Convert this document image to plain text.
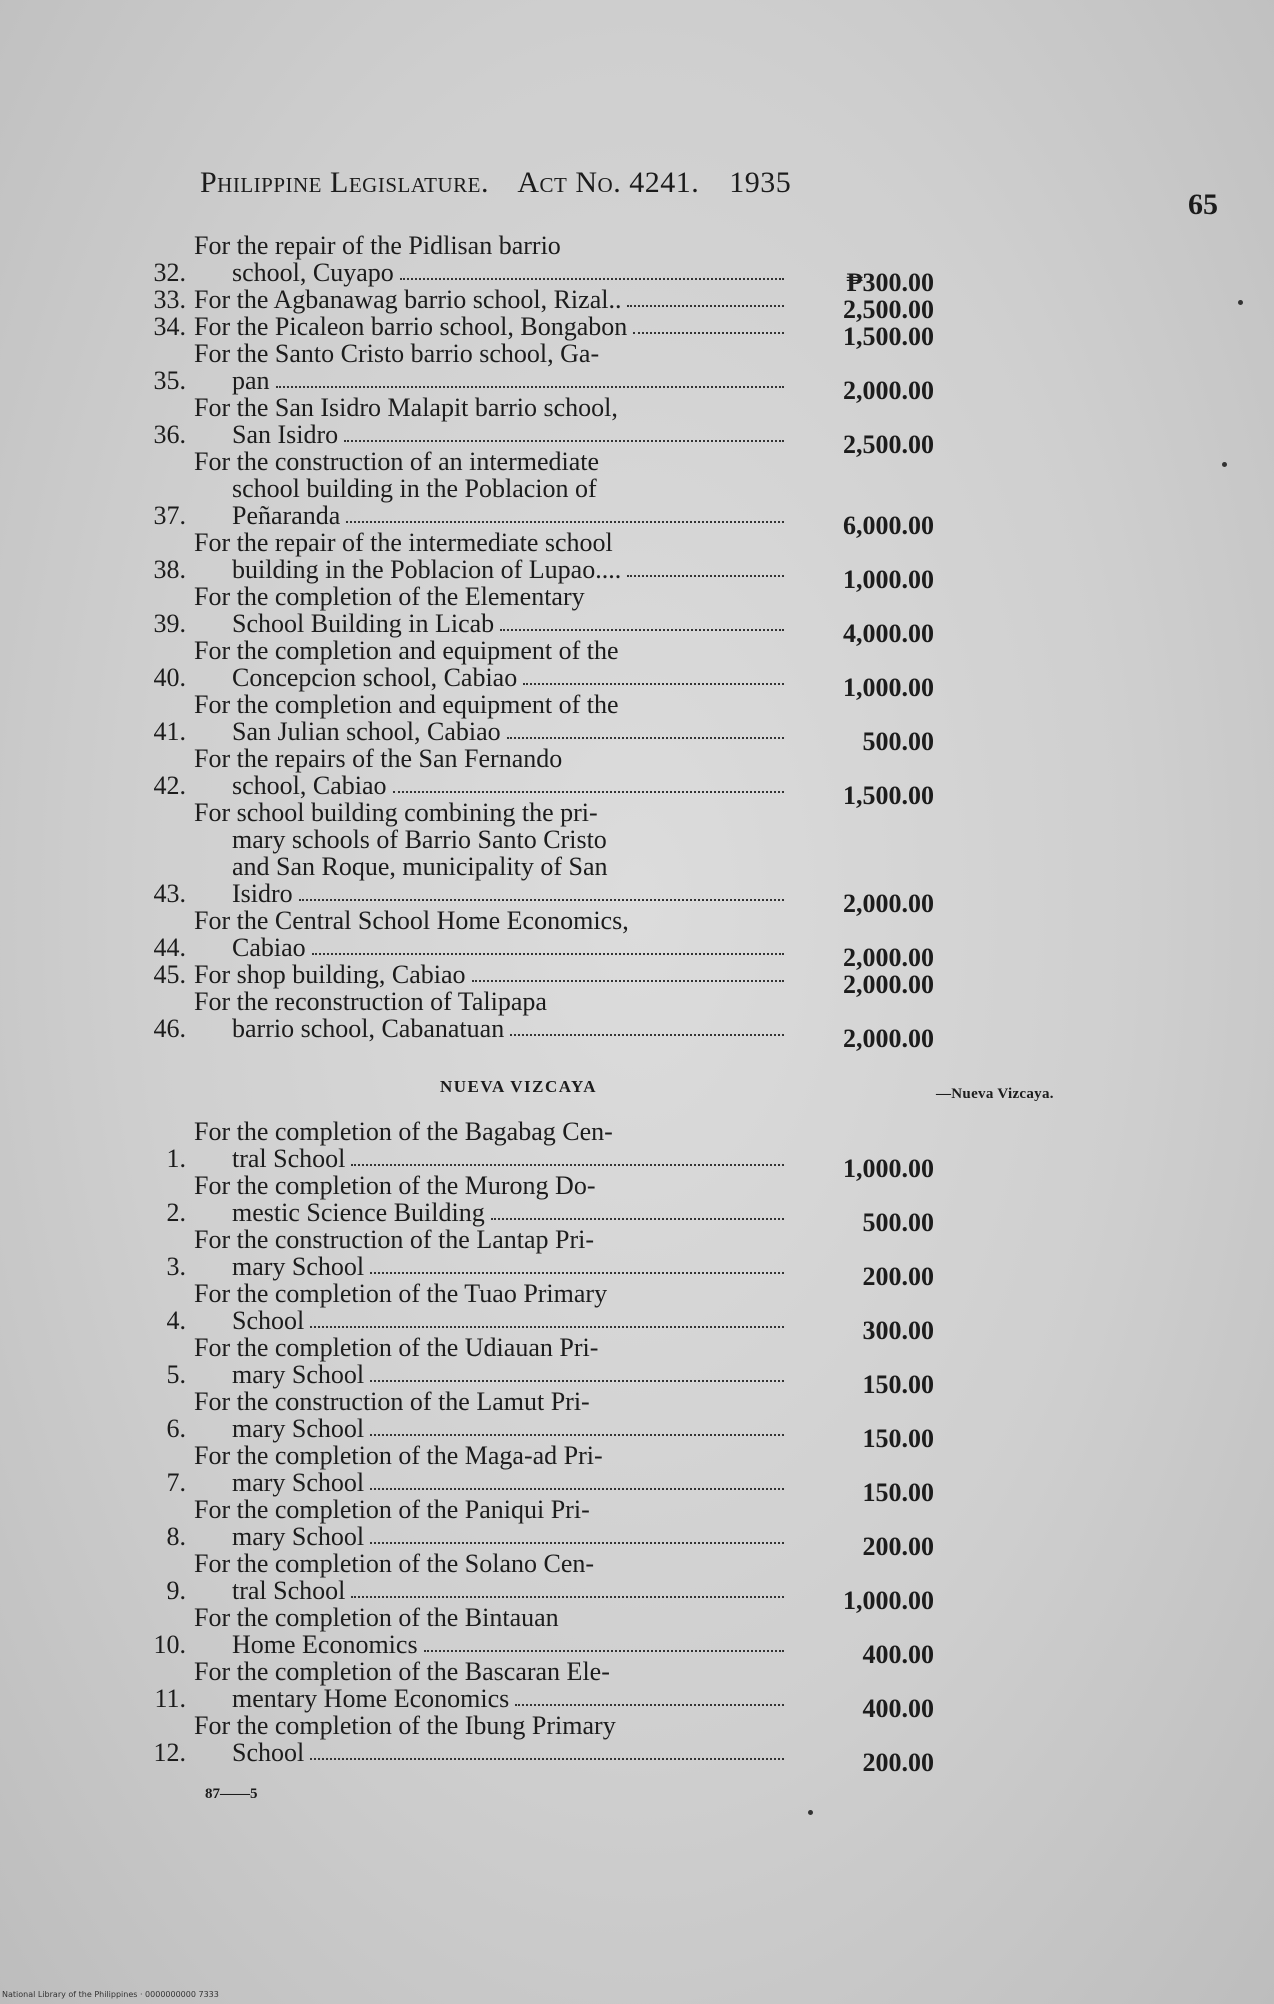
Philippine Legislature. Act No. 4241. 1935
65
32.
For the repair of the Pidlisan barrio
school, Cuyapo	₱300.00
33. For the Agbanawag barrio school, Rizal..	2,500.00
34. For the Picaleon barrio school, Bongabon	1,500.00
35.
For the Santo Cristo barrio school, Ga-
pan	2,000.00
36.
For the San Isidro Malapit barrio school,
San Isidro	2,500.00
37.
For the construction of an intermediate
school building in the Poblacion of
Peñaranda	6,000.00
38.
For the repair of the intermediate school
building in the Poblacion of Lupao....	1,000.00
39.
For the completion of the Elementary
School Building in Licab	4,000.00
40.
For the completion and equipment of the
Concepcion school, Cabiao	1,000.00
41.
For the completion and equipment of the
San Julian school, Cabiao	500.00
42.
For the repairs of the San Fernando
school, Cabiao	1,500.00
43.
For school building combining the pri-
mary schools of Barrio Santo Cristo
and San Roque, municipality of San
Isidro	2,000.00
44.
For the Central School Home Economics,
Cabiao	2,000.00
45. For shop building, Cabiao	2,000.00
46.
For the reconstruction of Talipapa
barrio school, Cabanatuan	2,000.00
NUEVA VIZCAYA	—Nueva Vizcaya.
1.
For the completion of the Bagabag Cen-
tral School	1,000.00
2.
For the completion of the Murong Do-
mestic Science Building	500.00
3.
For the construction of the Lantap Pri-
mary School	200.00
4.
For the completion of the Tuao Primary
School	300.00
5.
For the completion of the Udiauan Pri-
mary School	150.00
6.
For the construction of the Lamut Pri-
mary School	150.00
7.
For the completion of the Maga-ad Pri-
mary School	150.00
8.
For the completion of the Paniqui Pri-
mary School	200.00
9.
For the completion of the Solano Cen-
tral School	1,000.00
10.
For the completion of the Bintauan
Home Economics	400.00
11.
For the completion of the Bascaran Ele-
mentary Home Economics	400.00
12.
For the completion of the Ibung Primary
School	200.00
87——5
National Library of the Philippines · 0000000000 7333
